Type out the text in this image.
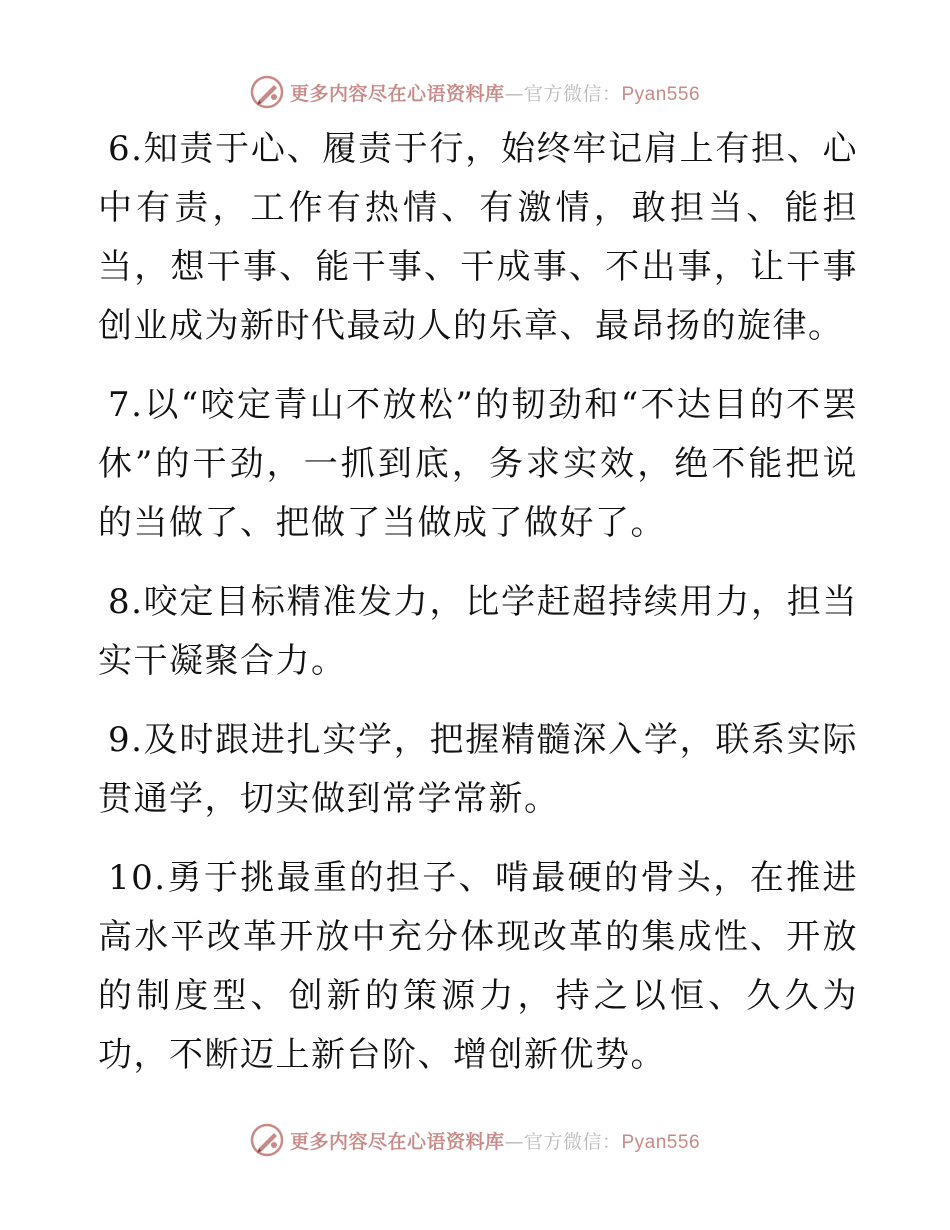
更多内容尽在心语资料库—官方微信：Pyan556

6.知责于心、履责于行，始终牢记肩上有担、心中有责，工作有热情、有激情，敢担当、能担当，想干事、能干事、干成事、不出事，让干事创业成为新时代最动人的乐章、最昂扬的旋律。

7.以“咬定青山不放松”的韧劲和“不达目的不罢休”的干劲，一抓到底，务求实效，绝不能把说的当做了、把做了当做成了做好了。

8.咬定目标精准发力，比学赶超持续用力，担当实干凝聚合力。

9.及时跟进扎实学，把握精髓深入学，联系实际贯通学，切实做到常学常新。

10.勇于挑最重的担子、啃最硬的骨头，在推进高水平改革开放中充分体现改革的集成性、开放的制度型、创新的策源力，持之以恒、久久为功，不断迈上新台阶、增创新优势。

更多内容尽在心语资料库—官方微信：Pyan556
